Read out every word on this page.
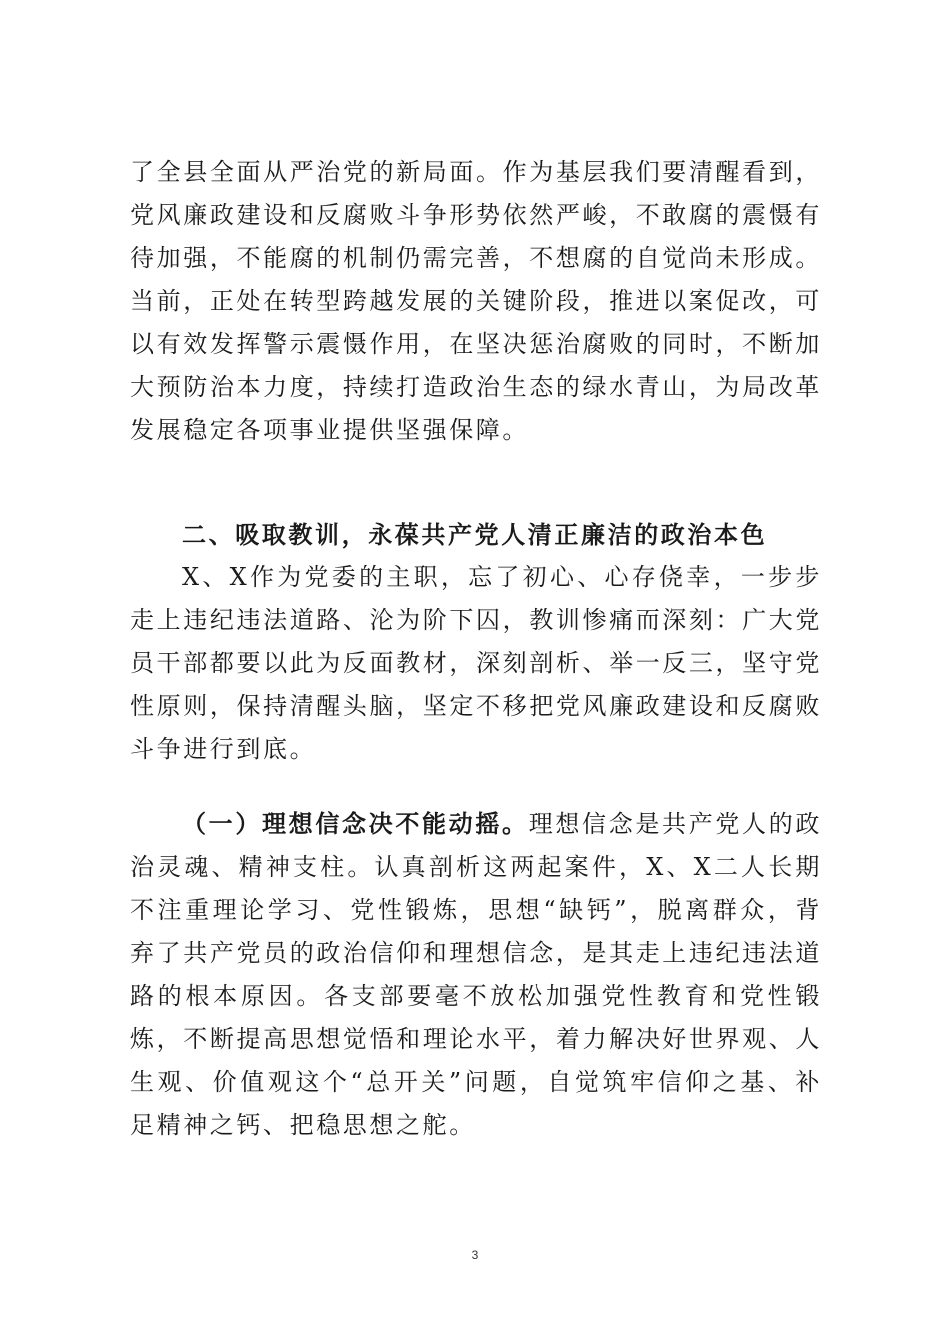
了全县全面从严治党的新局面。作为基层我们要清醒看到，党风廉政建设和反腐败斗争形势依然严峻，不敢腐的震慑有待加强，不能腐的机制仍需完善，不想腐的自觉尚未形成。当前，正处在转型跨越发展的关键阶段，推进以案促改，可以有效发挥警示震慑作用，在坚决惩治腐败的同时，不断加大预防治本力度，持续打造政治生态的绿水青山，为局改革发展稳定各项事业提供坚强保障。

二、吸取教训，永葆共产党人清正廉洁的政治本色

X、X作为党委的主职，忘了初心、心存侥幸，一步步走上违纪违法道路、沦为阶下囚，教训惨痛而深刻：广大党员干部都要以此为反面教材，深刻剖析、举一反三，坚守党性原则，保持清醒头脑，坚定不移把党风廉政建设和反腐败斗争进行到底。

（一）理想信念决不能动摇。理想信念是共产党人的政治灵魂、精神支柱。认真剖析这两起案件，X、X二人长期不注重理论学习、党性锻炼，思想“缺钙”，脱离群众，背弃了共产党员的政治信仰和理想信念，是其走上违纪违法道路的根本原因。各支部要毫不放松加强党性教育和党性锻炼，不断提高思想觉悟和理论水平，着力解决好世界观、人生观、价值观这个“总开关”问题，自觉筑牢信仰之基、补足精神之钙、把稳思想之舵。

3
